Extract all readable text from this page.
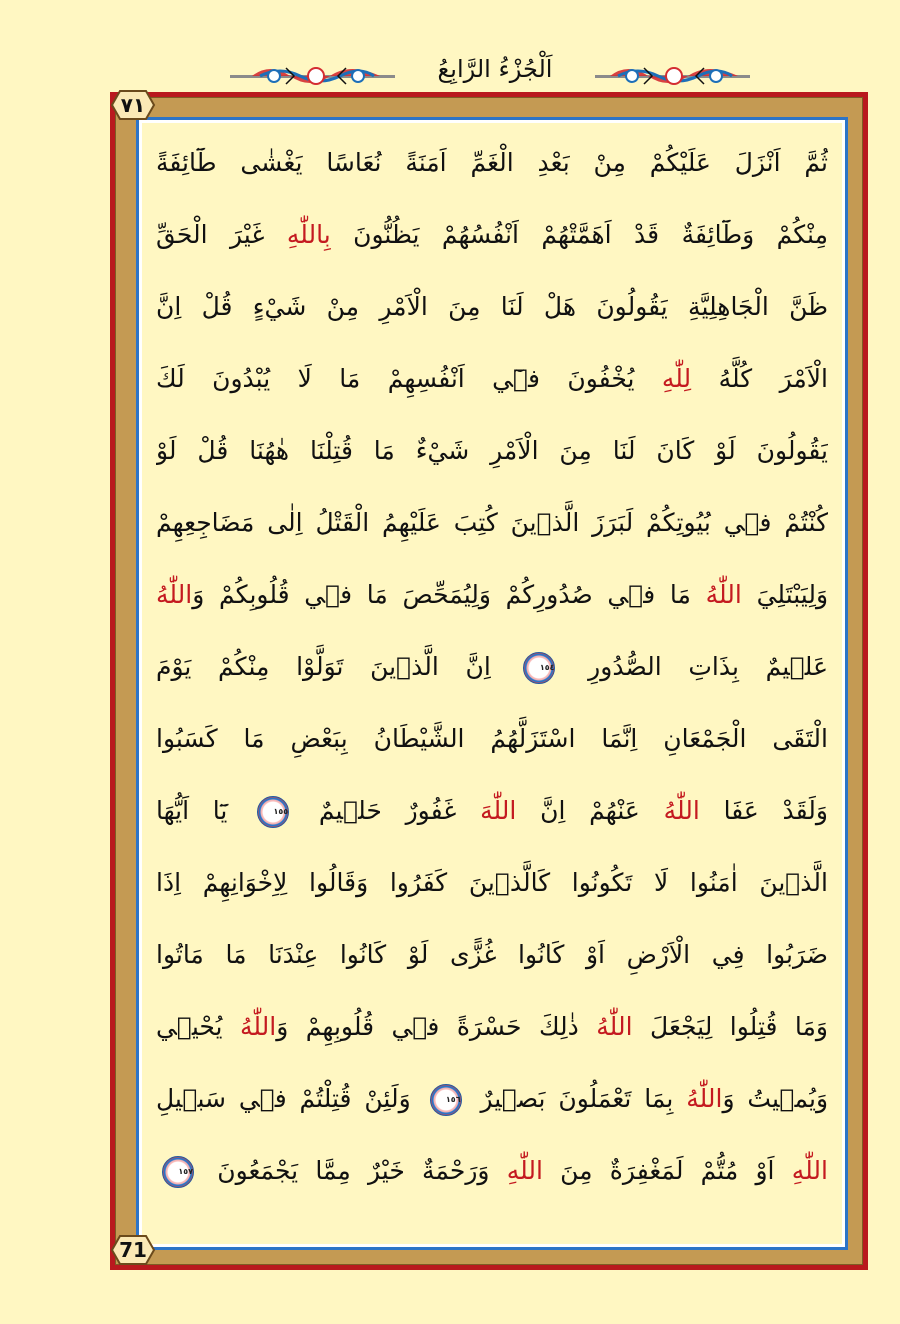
اَلْجُزْءُ الرَّابِعُ
٧١
ثُمَّ اَنْزَلَ عَلَيْكُمْ مِنْ بَعْدِ الْغَمِّ اَمَنَةً نُعَاسًا يَغْشٰى طَٓائِفَةً
مِنْكُمْ وَطَٓائِفَةٌ قَدْ اَهَمَّتْهُمْ اَنْفُسُهُمْ يَظُنُّونَ بِاللّٰهِ غَيْرَ الْحَقِّ
ظَنَّ الْجَاهِلِيَّةِ يَقُولُونَ هَلْ لَنَا مِنَ الْاَمْرِ مِنْ شَيْءٍ قُلْ اِنَّ
الْاَمْرَ كُلَّهُ لِلّٰهِ يُخْفُونَ فٖٓي اَنْفُسِهِمْ مَا لَا يُبْدُونَ لَكَ
يَقُولُونَ لَوْ كَانَ لَنَا مِنَ الْاَمْرِ شَيْءٌ مَا قُتِلْنَا هٰهُنَا قُلْ لَوْ
كُنْتُمْ فٖي بُيُوتِكُمْ لَبَرَزَ الَّذٖينَ كُتِبَ عَلَيْهِمُ الْقَتْلُ اِلٰى مَضَاجِعِهِمْ
وَلِيَبْتَلِيَ اللّٰهُ مَا فٖي صُدُورِكُمْ وَلِيُمَحِّصَ مَا فٖي قُلُوبِكُمْ وَاللّٰهُ
عَلٖيمٌ بِذَاتِ الصُّدُورِ
١٥٤
اِنَّ الَّذٖينَ تَوَلَّوْا مِنْكُمْ يَوْمَ
الْتَقَى الْجَمْعَانِ اِنَّمَا اسْتَزَلَّهُمُ الشَّيْطَانُ بِبَعْضِ مَا كَسَبُوا
وَلَقَدْ عَفَا اللّٰهُ عَنْهُمْ اِنَّ اللّٰهَ غَفُورٌ حَلٖيمٌ
١٥٥
يَٓا اَيُّهَا
الَّذٖينَ اٰمَنُوا لَا تَكُونُوا كَالَّذٖينَ كَفَرُوا وَقَالُوا لِاِخْوَانِهِمْ اِذَا
ضَرَبُوا فِي الْاَرْضِ اَوْ كَانُوا غُزًّى لَوْ كَانُوا عِنْدَنَا مَا مَاتُوا
وَمَا قُتِلُوا لِيَجْعَلَ اللّٰهُ ذٰلِكَ حَسْرَةً فٖي قُلُوبِهِمْ وَاللّٰهُ يُحْيٖي
وَيُمٖيتُ وَاللّٰهُ بِمَا تَعْمَلُونَ بَصٖيرٌ
١٥٦
وَلَئِنْ قُتِلْتُمْ فٖي سَبٖيلِ
اللّٰهِ اَوْ مُتُّمْ لَمَغْفِرَةٌ مِنَ اللّٰهِ وَرَحْمَةٌ خَيْرٌ مِمَّا يَجْمَعُونَ
١٥٧
71
